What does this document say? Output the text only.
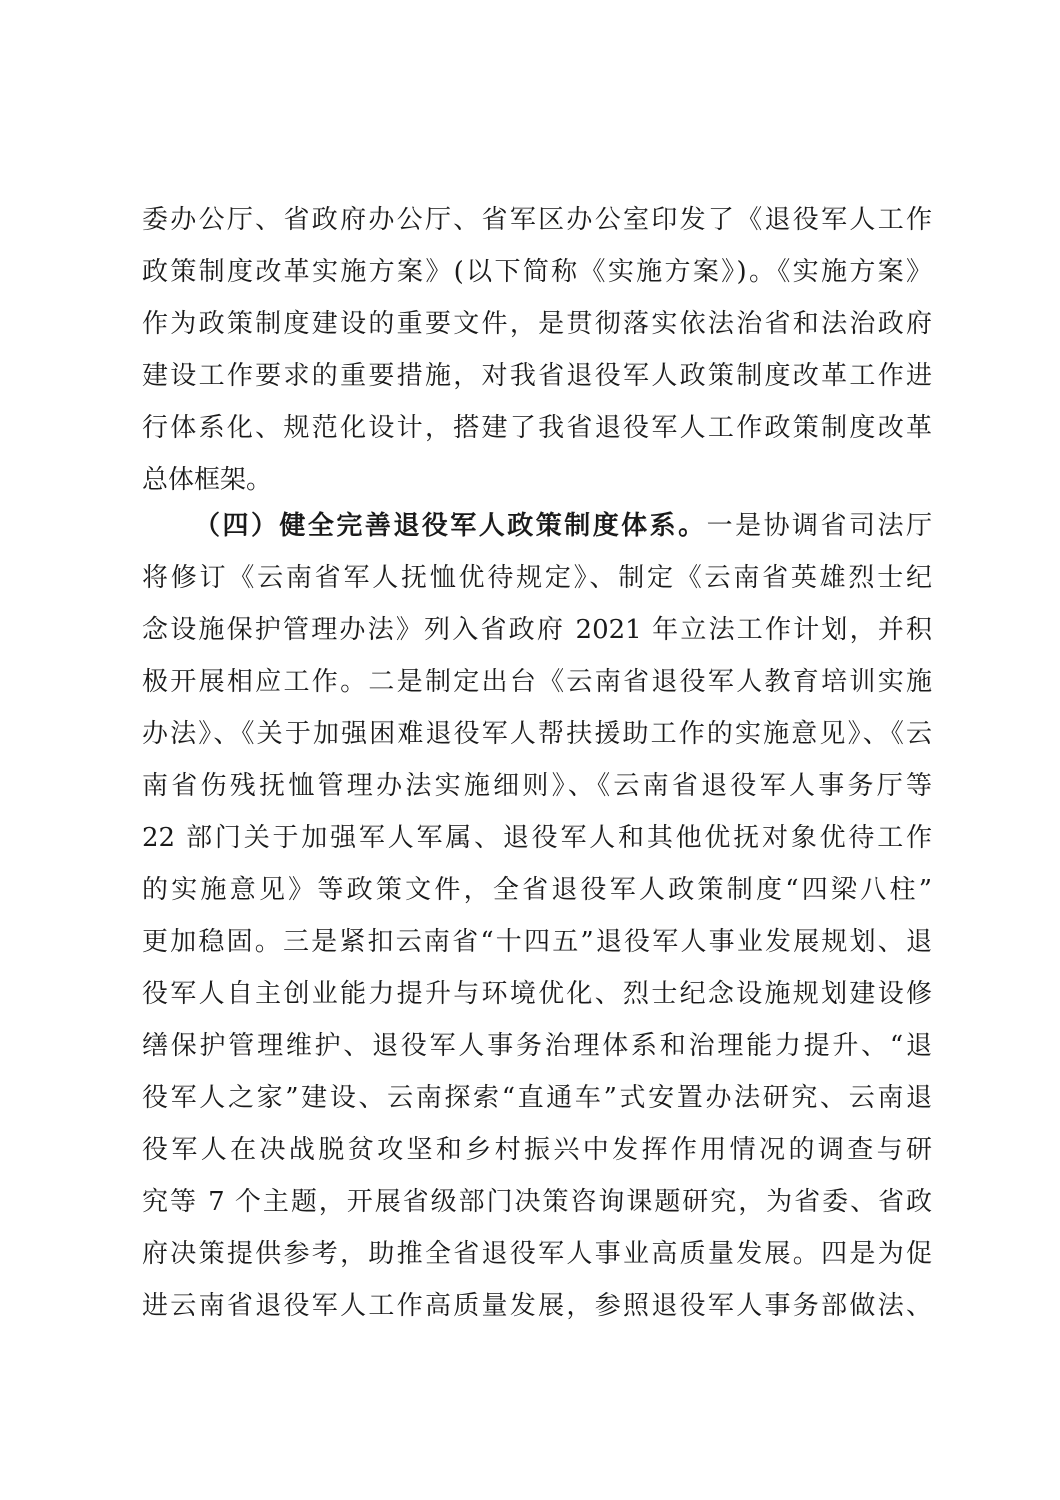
委办公厅、省政府办公厅、省军区办公室印发了《退役军人工作
政策制度改革实施方案》(以下简称《实施方案》)。《实施方案》
作为政策制度建设的重要文件，是贯彻落实依法治省和法治政府
建设工作要求的重要措施，对我省退役军人政策制度改革工作进
行体系化、规范化设计，搭建了我省退役军人工作政策制度改革
总体框架。
（四）健全完善退役军人政策制度体系。一是协调省司法厅
将修订《云南省军人抚恤优待规定》、制定《云南省英雄烈士纪
念设施保护管理办法》列入省政府 2021 年立法工作计划，并积
极开展相应工作。二是制定出台《云南省退役军人教育培训实施
办法》、《关于加强困难退役军人帮扶援助工作的实施意见》、《云
南省伤残抚恤管理办法实施细则》、《云南省退役军人事务厅等
22 部门关于加强军人军属、退役军人和其他优抚对象优待工作
的实施意见》等政策文件，全省退役军人政策制度“四梁八柱”
更加稳固。三是紧扣云南省“十四五”退役军人事业发展规划、退
役军人自主创业能力提升与环境优化、烈士纪念设施规划建设修
缮保护管理维护、退役军人事务治理体系和治理能力提升、“退
役军人之家”建设、云南探索“直通车”式安置办法研究、云南退
役军人在决战脱贫攻坚和乡村振兴中发挥作用情况的调查与研
究等 7 个主题，开展省级部门决策咨询课题研究，为省委、省政
府决策提供参考，助推全省退役军人事业高质量发展。四是为促
进云南省退役军人工作高质量发展，参照退役军人事务部做法、
